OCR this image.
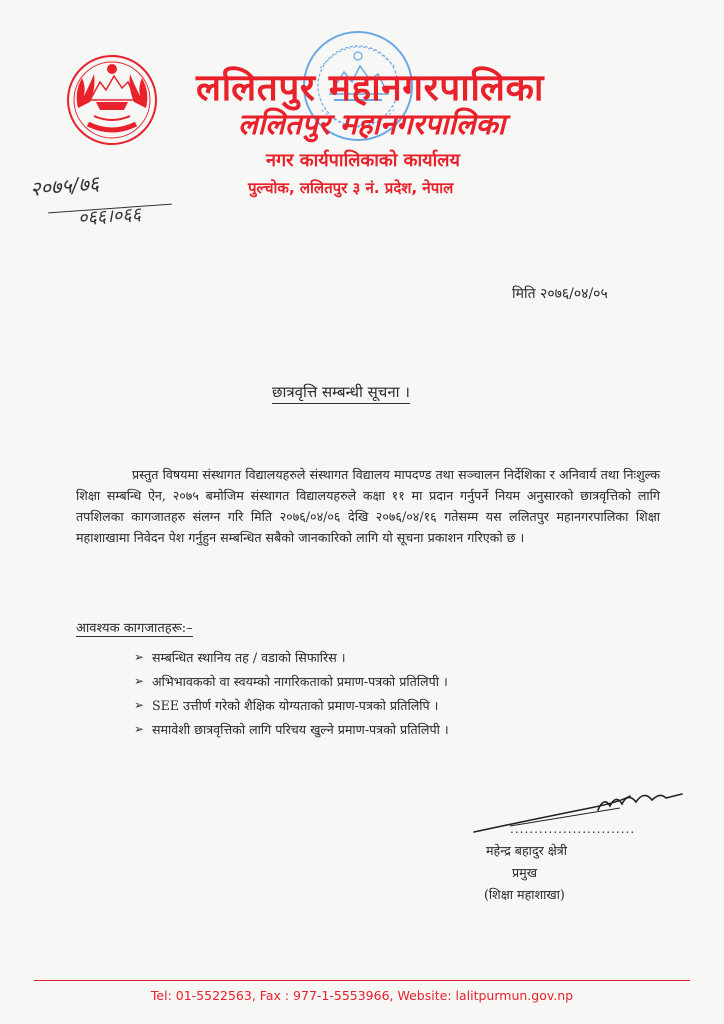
ललितपुर महानगरपालिका
ललितपुर महानगरपालिका
नगर कार्यपालिकाको कार्यालय
पुल्चोक, ललितपुर ३ नं. प्रदेश, नेपाल
२०७५/७६
०६६।०६६
मिति २०७६/०४/०५
छात्रवृत्ति सम्बन्धी सूचना ।

प्रस्तुत विषयमा संस्थागत विद्यालयहरुले संस्थागत विद्यालय मापदण्ड तथा सञ्चालन निर्देशिका र अनिवार्य तथा निःशुल्क शिक्षा सम्बन्धि ऐन, २०७५ बमोजिम संस्थागत विद्यालयहरुले कक्षा ११ मा प्रदान गर्नुपर्ने नियम अनुसारको छात्रवृत्तिको लागि तपशिलका कागजातहरु संलग्न गरि मिति २०७६/०४/०६ देखि २०७६/०४/१६ गतेसम्म यस ललितपुर महानगरपालिका शिक्षा महाशाखामा निवेदन पेश गर्नुहुन सम्बन्धित सबैको जानकारिको लागि यो सूचना प्रकाशन गरिएको छ ।

आवश्यक कागजातहरू:–
➢ सम्बन्धित स्थानिय तह / वडाको सिफारिस ।
➢ अभिभावकको वा स्वयम्को नागरिकताको प्रमाण-पत्रको प्रतिलिपी ।
➢ SEE उत्तीर्ण गरेको शैक्षिक योग्यताको प्रमाण-पत्रको प्रतिलिपि ।
➢ समावेशी छात्रवृत्तिको लागि परिचय खुल्ने प्रमाण-पत्रको प्रतिलिपी ।
..........................
महेन्द्र बहादुर क्षेत्री
प्रमुख
(शिक्षा महाशाखा)
Tel: 01-5522563, Fax : 977-1-5553966, Website: lalitpurmun.gov.np
